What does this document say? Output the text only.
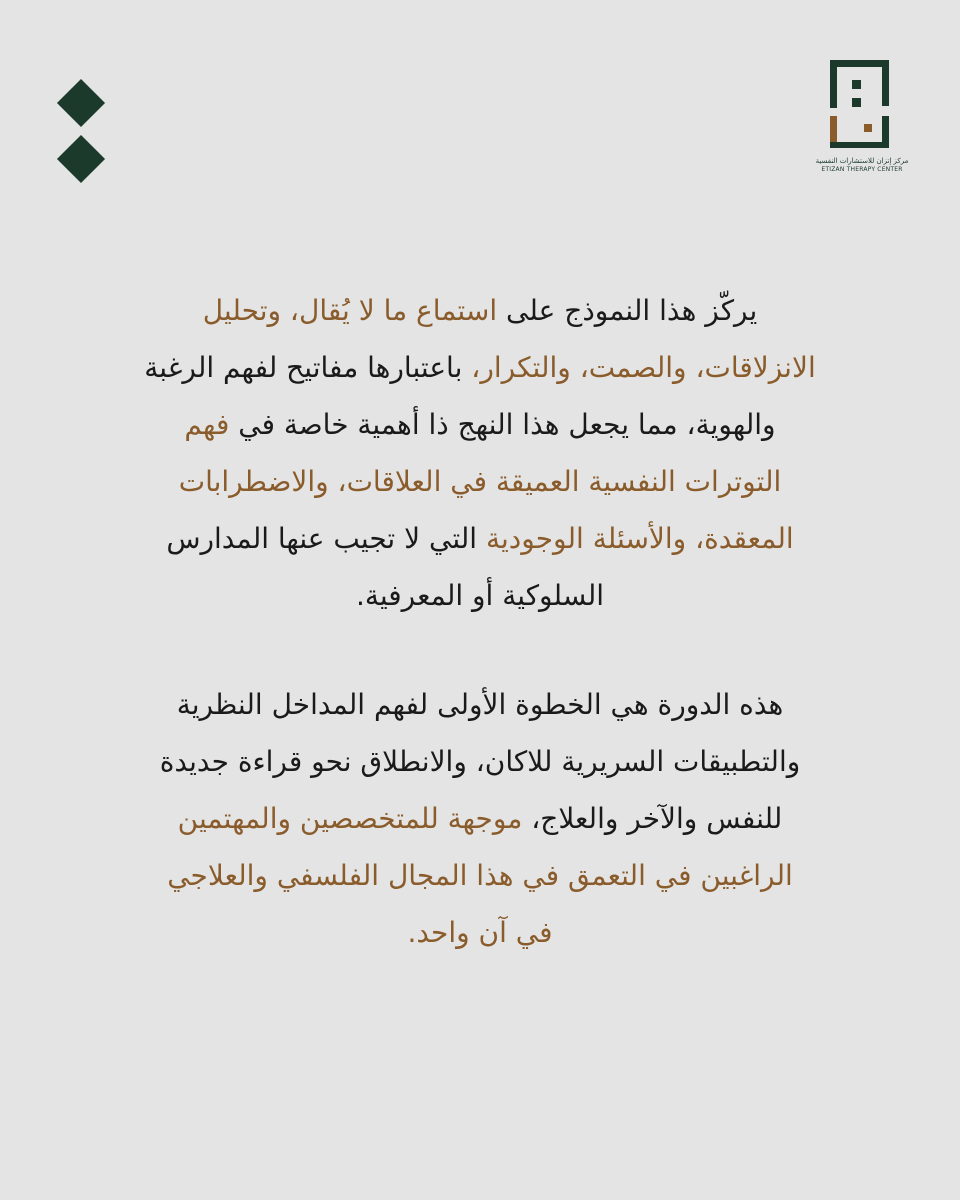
مركز إتزان للاستشارات النفسية
ETIZAN THERAPY CENTER
يركّز هذا النموذج على استماع ما لا يُقال، وتحليل
الانزلاقات، والصمت، والتكرار، باعتبارها مفاتيح لفهم الرغبة
والهوية، مما يجعل هذا النهج ذا أهمية خاصة في فهم
التوترات النفسية العميقة في العلاقات، والاضطرابات
المعقدة، والأسئلة الوجودية التي لا تجيب عنها المدارس
السلوكية أو المعرفية.
هذه الدورة هي الخطوة الأولى لفهم المداخل النظرية
والتطبيقات السريرية للاكان، والانطلاق نحو قراءة جديدة
للنفس والآخر والعلاج، موجهة للمتخصصين والمهتمين
الراغبين في التعمق في هذا المجال الفلسفي والعلاجي
في آن واحد.
